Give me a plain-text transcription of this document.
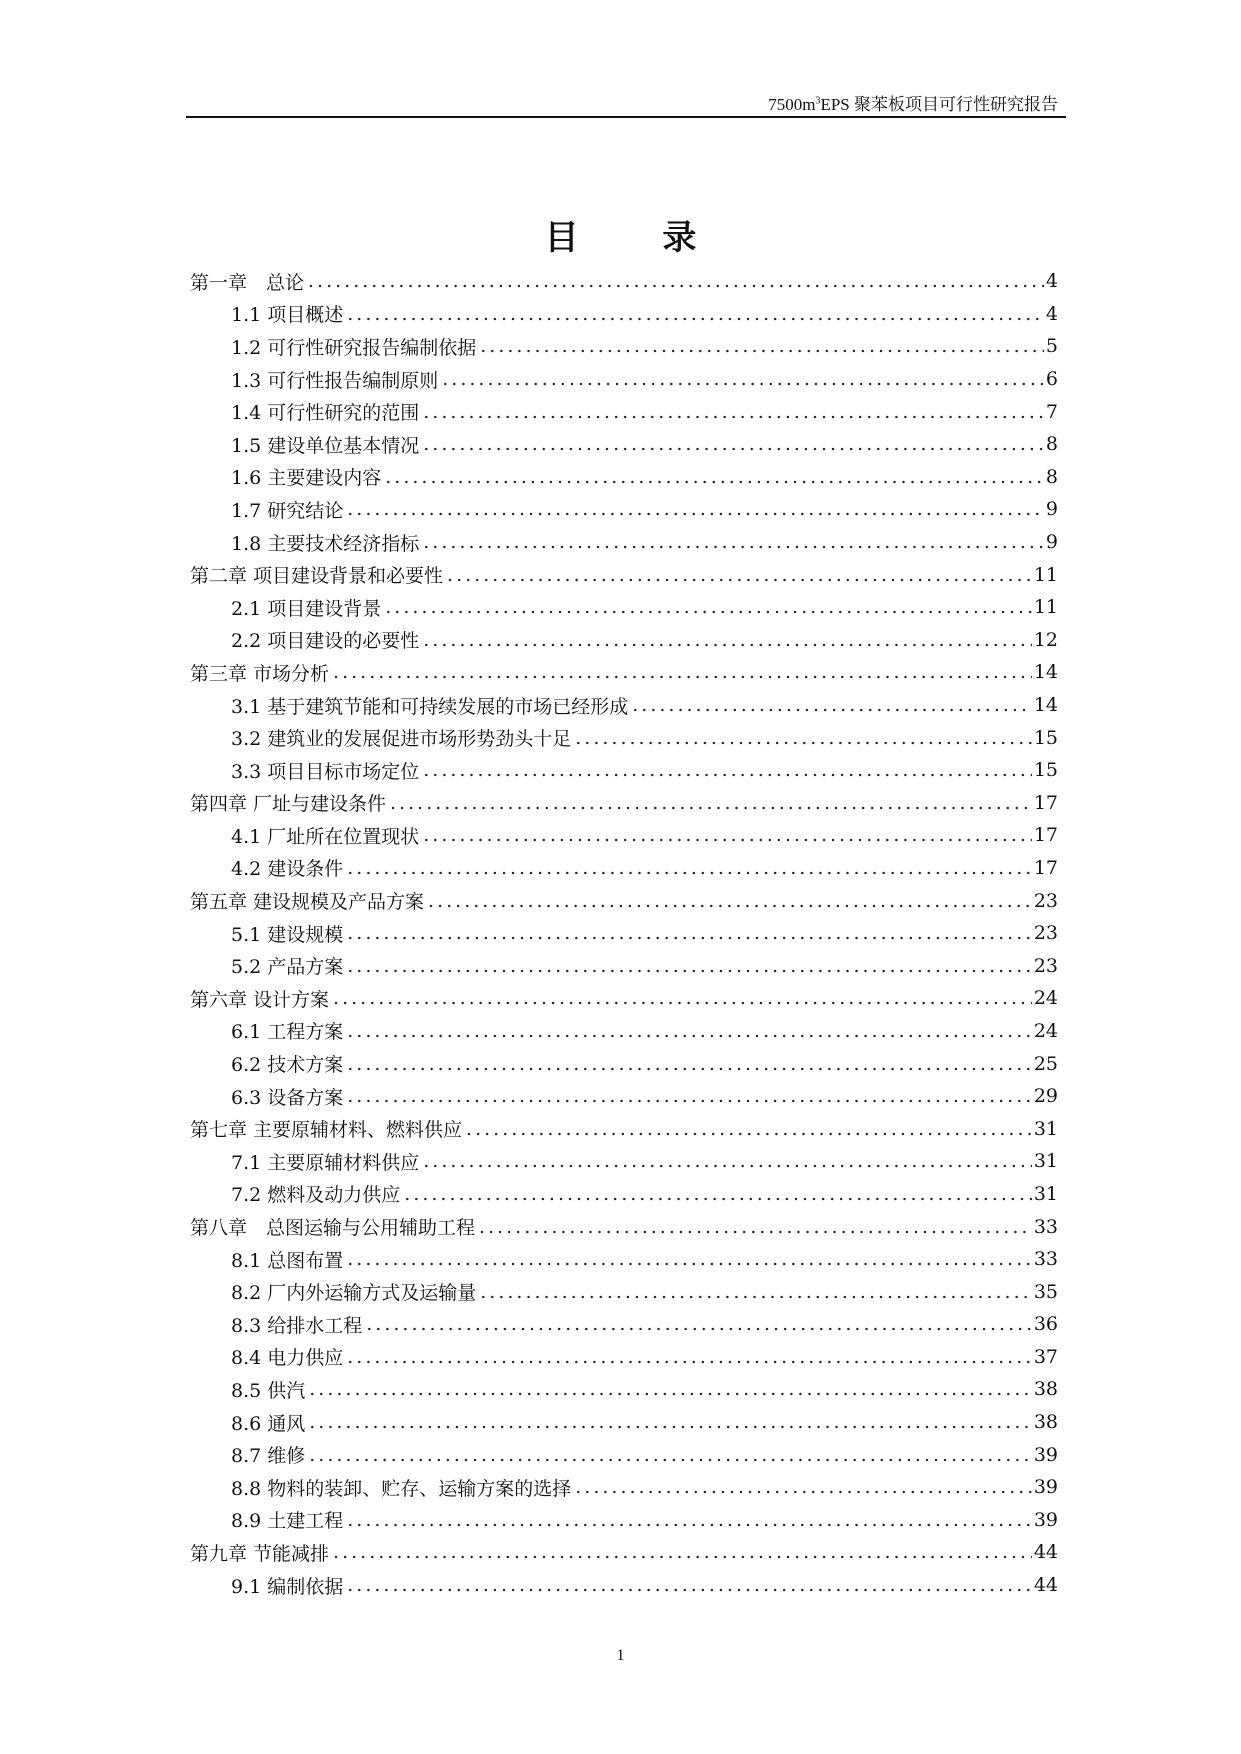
$7500m^3EPS$ 聚苯板项目可行性研究报告
目 录
第一章　总论 .....	4
1.1 项目概述 .....	4
1.2 可行性研究报告编制依据 .....	5
1.3 可行性报告编制原则 .....	6
1.4 可行性研究的范围 .....	7
1.5 建设单位基本情况 .....	8
1.6 主要建设内容 .....	8
1.7 研究结论 .....	9
1.8 主要技术经济指标 .....	9
第二章 项目建设背景和必要性 .....	11
2.1 项目建设背景 .....	11
2.2 项目建设的必要性 .....	12
第三章 市场分析 .....	14
3.1 基于建筑节能和可持续发展的市场已经形成 .....	14
3.2 建筑业的发展促进市场形势劲头十足 .....	15
3.3 项目目标市场定位 .....	15
第四章 厂址与建设条件 .....	17
4.1 厂址所在位置现状 .....	17
4.2 建设条件 .....	17
第五章 建设规模及产品方案 .....	23
5.1 建设规模 .....	23
5.2 产品方案 .....	23
第六章 设计方案 .....	24
6.1 工程方案 .....	24
6.2 技术方案 .....	25
6.3 设备方案 .....	29
第七章 主要原辅材料、燃料供应 .....	31
7.1 主要原辅材料供应 .....	31
7.2 燃料及动力供应 .....	31
第八章　总图运输与公用辅助工程 .....	33
8.1 总图布置 .....	33
8.2 厂内外运输方式及运输量 .....	35
8.3 给排水工程 .....	36
8.4 电力供应 .....	37
8.5 供汽 .....	38
8.6 通风 .....	38
8.7 维修 .....	39
8.8 物料的装卸、贮存、运输方案的选择 .....	39
8.9 土建工程 .....	39
第九章 节能减排 .....	44
9.1 编制依据 .....	44
1
